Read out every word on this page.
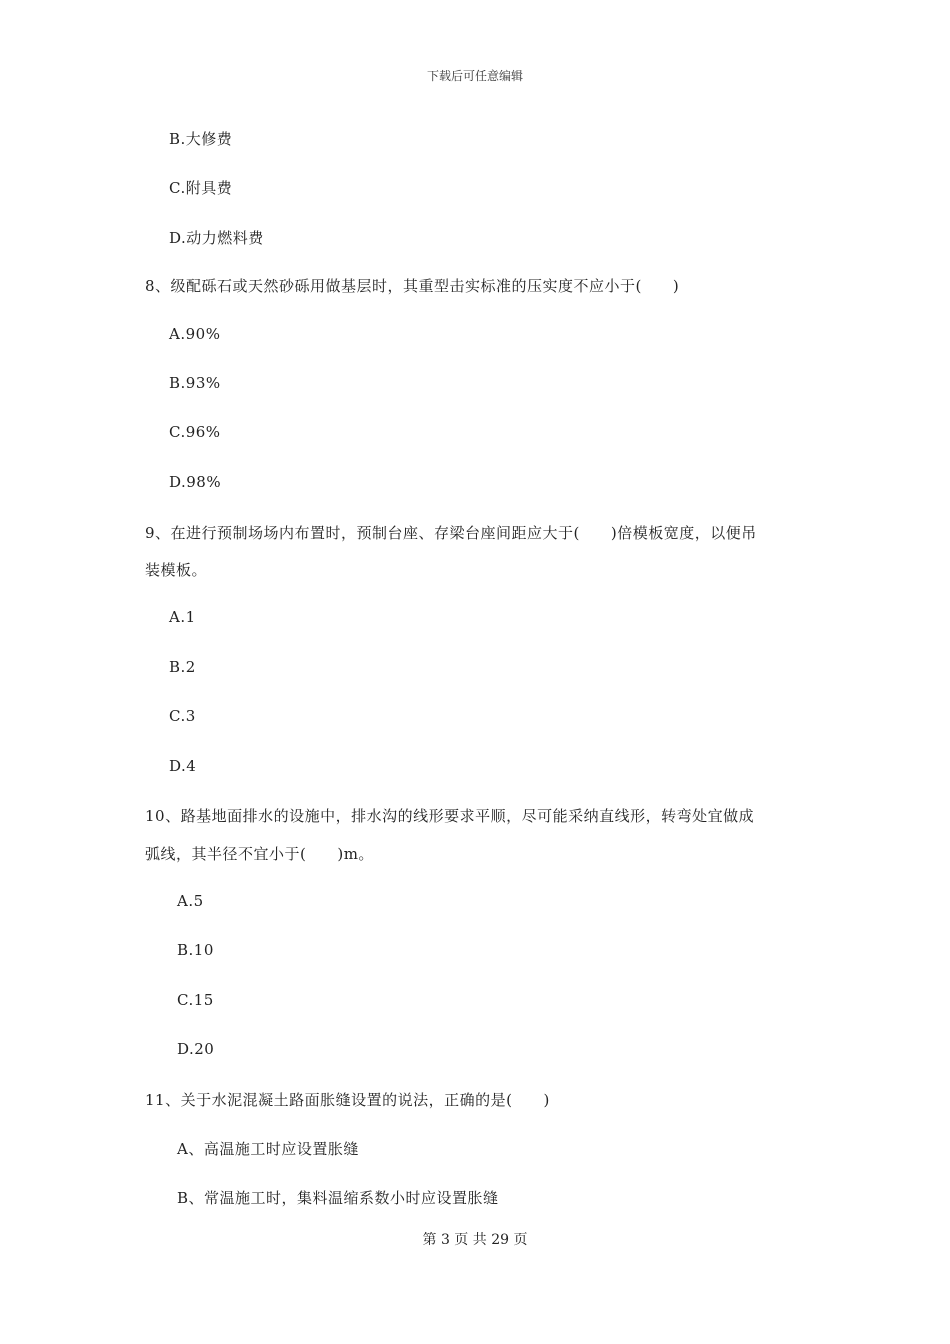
下载后可任意编辑
B.大修费
C.附具费
D.动力燃料费
8、级配砾石或天然砂砾用做基层时，其重型击实标准的压实度不应小于(　　)
A.90%
B.93%
C.96%
D.98%
9、在进行预制场场内布置时，预制台座、存梁台座间距应大于(　　)倍模板宽度，以便吊
装模板。
A.1
B.2
C.3
D.4
10、路基地面排水的设施中，排水沟的线形要求平顺，尽可能采纳直线形，转弯处宜做成
弧线，其半径不宜小于(　　)m。
A.5
B.10
C.15
D.20
11、关于水泥混凝土路面胀缝设置的说法，正确的是(　　)
A、高温施工时应设置胀缝
B、常温施工时，集料温缩系数小时应设置胀缝
第 3 页 共 29 页
